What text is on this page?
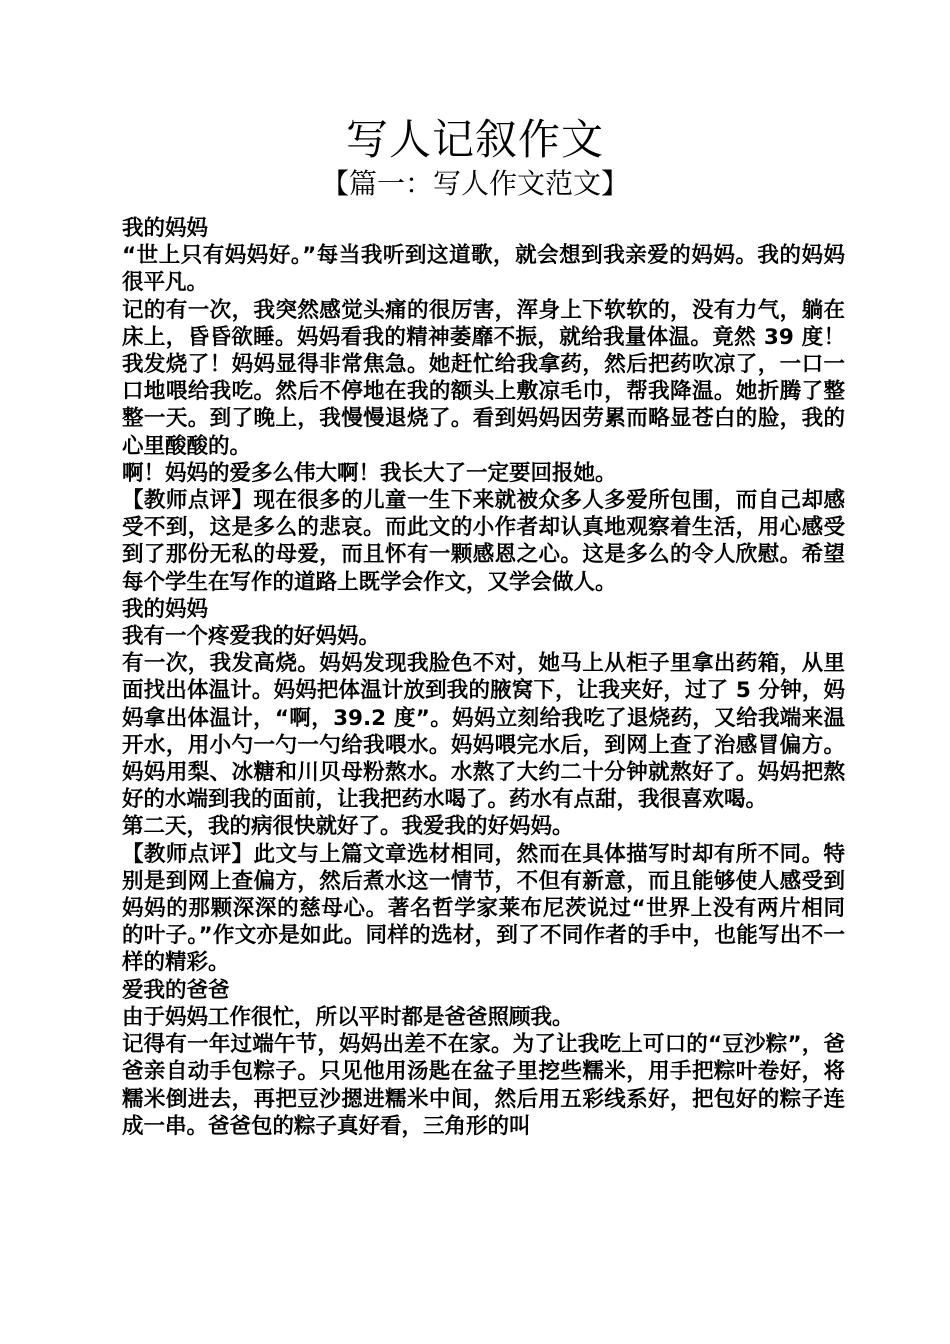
写人记叙作文
【篇一：写人作文范文】

我的妈妈

“世上只有妈妈好。”每当我听到这道歌，就会想到我亲爱的妈妈。我的妈妈很平凡。

记的有一次，我突然感觉头痛的很厉害，浑身上下软软的，没有力气，躺在床上，昏昏欲睡。妈妈看我的精神萎靡不振，就给我量体温。竟然 39 度！我发烧了！妈妈显得非常焦急。她赶忙给我拿药，然后把药吹凉了，一口一口地喂给我吃。然后不停地在我的额头上敷凉毛巾，帮我降温。她折腾了整整一天。到了晚上，我慢慢退烧了。看到妈妈因劳累而略显苍白的脸，我的心里酸酸的。

啊！妈妈的爱多么伟大啊！我长大了一定要回报她。

【教师点评】现在很多的儿童一生下来就被众多人多爱所包围，而自己却感受不到，这是多么的悲哀。而此文的小作者却认真地观察着生活，用心感受到了那份无私的母爱，而且怀有一颗感恩之心。这是多么的令人欣慰。希望每个学生在写作的道路上既学会作文，又学会做人。

我的妈妈

我有一个疼爱我的好妈妈。

有一次，我发高烧。妈妈发现我脸色不对，她马上从柜子里拿出药箱，从里面找出体温计。妈妈把体温计放到我的腋窝下，让我夹好，过了 5 分钟，妈妈拿出体温计，“啊，39.2 度”。妈妈立刻给我吃了退烧药，又给我端来温开水，用小勺一勺一勺给我喂水。妈妈喂完水后，到网上查了治感冒偏方。妈妈用梨、冰糖和川贝母粉熬水。水熬了大约二十分钟就熬好了。妈妈把熬好的水端到我的面前，让我把药水喝了。药水有点甜，我很喜欢喝。

第二天，我的病很快就好了。我爱我的好妈妈。

【教师点评】此文与上篇文章选材相同，然而在具体描写时却有所不同。特别是到网上查偏方，然后煮水这一情节，不但有新意，而且能够使人感受到妈妈的那颗深深的慈母心。著名哲学家莱布尼茨说过“世界上没有两片相同的叶子。”作文亦是如此。同样的选材，到了不同作者的手中，也能写出不一样的精彩。

爱我的爸爸

由于妈妈工作很忙，所以平时都是爸爸照顾我。

记得有一年过端午节，妈妈出差不在家。为了让我吃上可口的“豆沙粽”，爸爸亲自动手包粽子。只见他用汤匙在盆子里挖些糯米，用手把粽叶卷好，将糯米倒进去，再把豆沙摁进糯米中间，然后用五彩线系好，把包好的粽子连成一串。爸爸包的粽子真好看，三角形的叫
